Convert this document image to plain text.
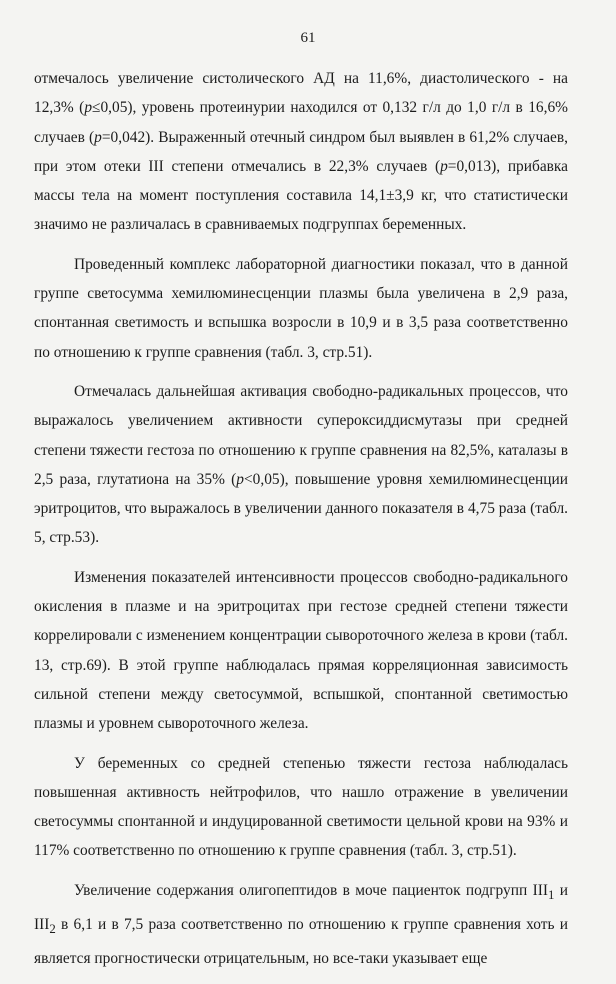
61

отмечалось увеличение систолического АД на 11,6%, диастолического - на 12,3% (p≤0,05), уровень протеинурии находился от 0,132 г/л до 1,0 г/л в 16,6% случаев (p=0,042). Выраженный отечный синдром был выявлен в 61,2% случаев, при этом отеки III степени отмечались в 22,3% случаев (p=0,013), прибавка массы тела на момент поступления составила 14,1±3,9 кг, что статистически значимо не различалась в сравниваемых подгруппах беременных.

Проведенный комплекс лабораторной диагностики показал, что в данной группе светосумма хемилюминесценции плазмы была увеличена в 2,9 раза, спонтанная светимость и вспышка возросли в 10,9 и в 3,5 раза соответственно по отношению к группе сравнения (табл. 3, стр.51).

Отмечалась дальнейшая активация свободно-радикальных процессов, что выражалось увеличением активности супероксиддисмутазы при средней степени тяжести гестоза по отношению к группе сравнения на 82,5%, каталазы в 2,5 раза, глутатиона на 35% (p<0,05), повышение уровня хемилюминесценции эритроцитов, что выражалось в увеличении данного показателя в 4,75 раза (табл. 5, стр.53).

Изменения показателей интенсивности процессов свободно-радикального окисления в плазме и на эритроцитах при гестозе средней степени тяжести коррелировали с изменением концентрации сывороточного железа в крови (табл. 13, стр.69). В этой группе наблюдалась прямая корреляционная зависимость сильной степени между светосуммой, вспышкой, спонтанной светимостью плазмы и уровнем сывороточного железа.

У беременных со средней степенью тяжести гестоза наблюдалась повышенная активность нейтрофилов, что нашло отражение в увеличении светосуммы спонтанной и индуцированной светимости цельной крови на 93% и 117% соответственно по отношению к группе сравнения (табл. 3, стр.51).

Увеличение содержания олигопептидов в моче пациенток подгрупп $III_1$ и $III_2$ в 6,1 и в 7,5 раза соответственно по отношению к группе сравнения хоть и является прогностически отрицательным, но все-таки указывает еще
